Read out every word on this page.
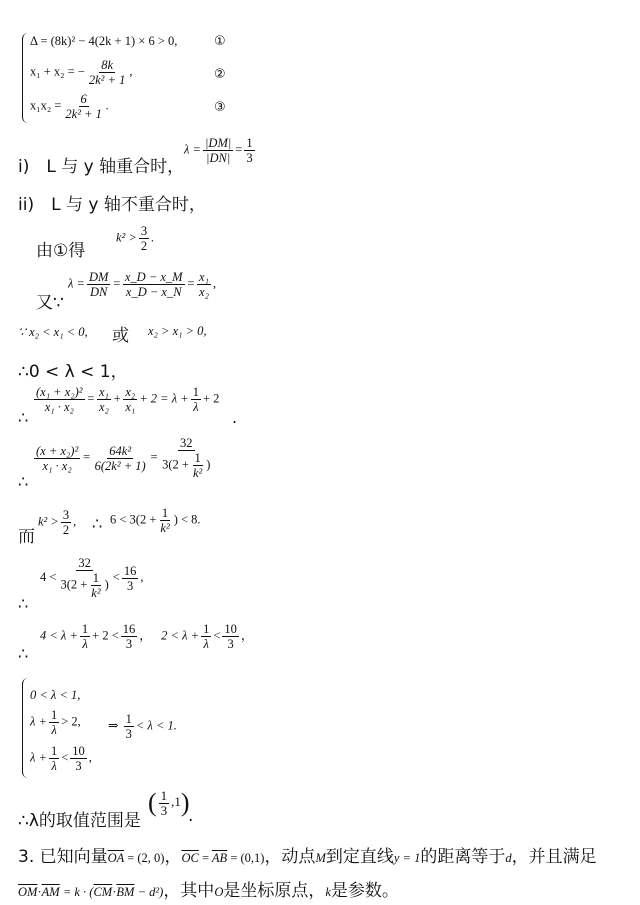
Δ = (8k)² − 4(2k + 1) × 6 > 0,
x₁ + x₂ = − $\frac{8k}{\text{2k² + 1}}$ ,
$x_1x_2 = \frac{6}{\text{2k² + 1}}$ .
①
②
③
i)　L 与 y 轴重合时，
$\lambda = \frac{|DM|}{|DN|} = \frac{1}{3}$
ii)　L 与 y 轴不重合时，
由①得
$k^2 > \frac{3}{2}$ .
又∵
$\lambda = \frac{DM}{DN} = \frac{x\_D - x\_M}{x\_D - x\_N} = \frac{\text{x₁}}{\text{x₂}}$ ,
∵ x₂ < x₁ < 0, 或 x₂ > x₁ > 0,
∴0 < λ < 1，
∴
$\frac{\text{(x₁ + x₂)²}}{\text{x₁ · x₂}} = \frac{\text{x₁}}{\text{x₂}} + \frac{\text{x₂}}{\text{x₁}} + 2 = \lambda + \frac{1}{\lambda} + 2$
.
∴
$\frac{\text{(x + x₂)²}}{\text{x₁ · x₂}} = \frac{\text{64k²}}{\text{6(2k² + 1)}} = \frac{32}{3(2 + \frac{1}{\text{k²}} )}$
而
$k^2 > \frac{3}{2}$ , ∴ $6 < 3(2 + \frac{1}{\text{k²}}$ ) < 8.
∴
$4 < \frac{32}{3(2 + \frac{1}{\text{k²}} )} < \frac{16}{3}$ ,
∴
$4 < \lambda + \frac{1}{\lambda} + 2 < \frac{16}{3}$ ， $2 < \lambda + \frac{1}{\lambda} < \frac{10}{3}$ ，
0 < λ < 1,
$\lambda + \frac{1}{\lambda} > 2$,
$\lambda + \frac{1}{\lambda} < \frac{10}{3}$ ,
⇒ $\frac{1}{3} < \lambda < 1$.
∴λ的取值范围是
( $\frac{1}{3} ,1$)
.
3. 已知向量$\overline{OA} = (2$, 0)，$\overline{OC} = \overline{AB} = (0,1)$，动点M到定直线y = 1的距离等于d，并且满足
$\overline{OM}\cdot\overline{AM} = k \cdot (\overline{CM}\cdot\overline{BM} - d^2)$，其中O是坐标原点，k是参数。
